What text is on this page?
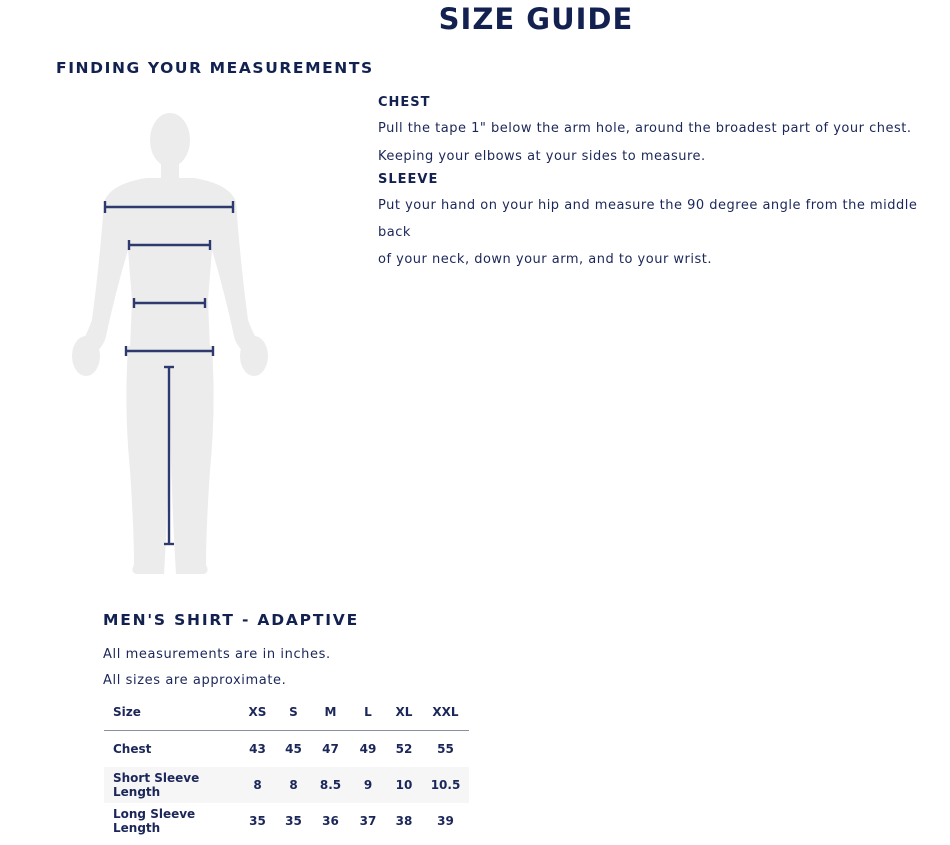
SIZE GUIDE
FINDING YOUR MEASUREMENTS
CHEST
Pull the tape 1" below the arm hole, around the broadest part of your chest.
Keeping your elbows at your sides to measure.
SLEEVE
Put your hand on your hip and measure the 90 degree angle from the middle back
of your neck, down your arm, and to your wrist.
MEN'S SHIRT - ADAPTIVE
All measurements are in inches.
All sizes are approximate.
Size	XS	S	M	L	XL	XXL
Chest	43	45	47	49	52	55
Short Sleeve Length	8	8	8.5	9	10	10.5
Long Sleeve Length	35	35	36	37	38	39
